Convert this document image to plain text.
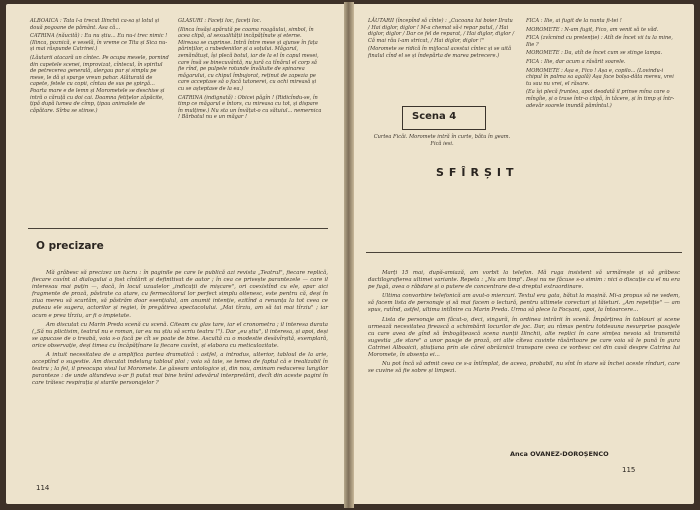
ALBOAICA : Tata l-a trecut Ilinchii ca-sa și lotul și două pogoane de pământ. Asa că...

CATRINA (năucită) : Eu nu știu... Eu nu-i trec nimic ! (Ilinca, poznică, e veselă, în vreme ce Tita și Sica nu-și mai răspunde Catrinei.)

(Lăutarii atacară un cîntec. Pe ocupa mesele, pornind din capetele scenei, improvizat, cîntecul, în spiritul de petrecerea generală, alergau pur și simplu pe mese, le dă și sparge vreun pahar. Alăturată de capete, fetele cu copii, cîntau de sus pe șpirgă... Poarta mare e de lemn și Morometele se deschise și intră o căruță cu doi cai. Doamna fetițelor zăpăcite, țipă după lumea de cîmp, țipau animalele de căpătare. Sîrba se stinse.)

GLASURI : Faceți loc, faceți loc.

(Ilinca însăși apărută pe coama roagăului, simbol, în acea clipă, al sexualității incăpățînate și eterne. Mireasa se cuprinse. Intră între mese și ajunse în fața părinților, a rubedeniilor și a soțului. Măgarul, zemănătușt, își plecă botul, iar de la el în capul mesei, care însă se binecuvântă, nu jură ca tînărul el corp să fie rînd, pe pulpele rotunde învăluite de spinarea măgarului, cu chipul îmbujorat, reținut de zapezia pe care acceptase să o facă tatonerei, cu ochi mireasă și cu se așteptase de la ea.)

CATRINA (indignată) : Obicei păgîn ! (Ridicîndu-se, în timp ce măgarul e întors, cu mireasa cu tot, și dispare în mulțime.) Nu sta un învățat-o cu sătuiul... nemernica ! Bărbatul nu e un măgar !

O precizare

Mă grăbesc să precizez un lucru : în paginile pe care le publică azi revista „Teatrul", fiecare replică, fiecare cuvînt al dialogului a fost cîntărit și definitivat de autor ; în cea ce privește parantezele — care il interesau mai puțin —, dacă, în locul uzualelor „indicații de mișcare", ori coexistînd cu ele, apar aici fragmente de proză, păstrate ca atare, cu fermecătorul lor perfect simplu oltenesc, este pentru că, deși în ziua mereu să scurtăm, să păstrăm doar esențialul, am anumit intenție, ezitînd a renunța la tot ceea ce puteau ele sugera, actorilor și regiei, în pregătirea spectacolului. „Mai tîrziu, am să tai mai tîrziu" ; iar acum e prea tîrziu, ar fi o impietate.

Am discutat cu Marin Preda scenă cu scenă. Citeam cu glas tare, iar el cronometra ; il interesa durata („Să nu plictisim, teatrul nu e roman, iar eu nu știu să scriu teatru !"). Dar „eu știu", il interesa, și apoi, deși se apucase de o treabă, voia s-o facă pe cît se poate de bine. Ascultă cu o modestie desăvîrșită, exemplară, orice observație, deși timea cu încăpățînare la fiecare cuvînt, și elabora cu meticulozitate.

A intuit necesitatea de a amplifica partea dramatică : astfel, a introdus, ulterior, tabloul de la arie, acceptînd o sugestie. Am discutat indelung tabloul ploi ; voia să taie, se temea de faptul că e irealizabil în teatru ; la fel, il preocupa visul lui Moromete. Le găseam antologice și, din nou, aminam reducerea lungilor paranteze : de unde altundeva s-ar fi putut mai bine hrăni adevărul interpretării, decît din aceste pagini în care trăiesc respirația și starile personajelor ?

114

LĂUTARII (începînd să cînte) : „Cucoana lui boier Ilratu / Hai diglor, diglor ! M-a chemat să-i repar patul, / Hai diglor, diglor / Dar ce fel de reparat, / Hai diglor, diglor / Că mai rău l-am stricat, / Hai diglor, diglor !"

(Moromete se ridică în mijlocul acestui cîntec și se uită finalul cînd el se și îndepărta de marea petrecere.)

Scena 4
Curtea Ficăi. Moromete intră în curte, bătu în geam. Fică iesi.

FICA : Ilie, ai fugit de la nunta fi-tei !

MOROMETE : N-am fugit, Fico, am venit să te văd.

FICA (zvîcnind cu pretenție) : Atît de încet vii tu la mine, Ilie ?

MOROMETE : Da, atît de încet cum se stinge lampa.

FICA : Ilie, dar acum a răsărit soarele.

MOROMETE : Așa e, Fico ! Așa e, copilo... (Lovindu-i chipul în palma sa agală) Așa face bolșa-dăta mereu, vrei tu sau nu vrei, el răsare.

(Ea își plecă fruntea, apoi deodată il prinse mîna care o mîngîie, și o trase într-o clipă, în tăcere, și în timp și într-adevăr soarele inundă pămîntul.)

SFÎRȘIT

Marți 15 mai, după-amiază, am vorbit la telefon. Mă ruga insistent să urmărește și să grăbesc dactilografierea ultimei variante. Repeta : „Nu am timp". Deși nu ne făcuse s-o simim : nici o discuție cu el nu era pe fugă, avea o răbdare și o putere de concentrare de-a dreptul extraordinare.

Ultima convorbire telefonică am avut-o miercuri. Textul era gata, bătut la mașină. Mi-a propus să ne vedem, să facem lista de personaje și să mai facem o lectură, pentru ultimele corecturi și tăieturi. „Am repetiție" — am spus, ratînd, astfel, ultima intîlnire cu Marin Preda. Urma să plece la Focșani, apoi, la întoarcere...

Lista de personaje am făcut-o, deci, singură, în ordinea intrării în scenă. Împărțirea în tablouri și scene urmează necesitatea firească a schimbării locurilor de joc. Dar, au rămas pentru totdeauna nesurprise pasajele cu care avea de gînd să îmbogățească scena nunții Ilinchii, alte replici în care simțea nevoia să transmită sugestia „de stare" a unor pasaje de proză, ori alte cîteva cuvinte răsăritoare pe care voia să le pună în gura Catrinei Alboaicii, știuțiana prin ale cărei obrăznicii transpare ceea ce vorbesc cei din casă despre Catrina lui Moromete, în absența ei...

Nu pot încă să admit ceea ce s-a întîmplat, de aceea, probabil, nu sînt în stare să închei aceste rînduri, care se cuvine să fie sobre și limpezi.

Anca OVANEZ-DOROȘENCO
115
